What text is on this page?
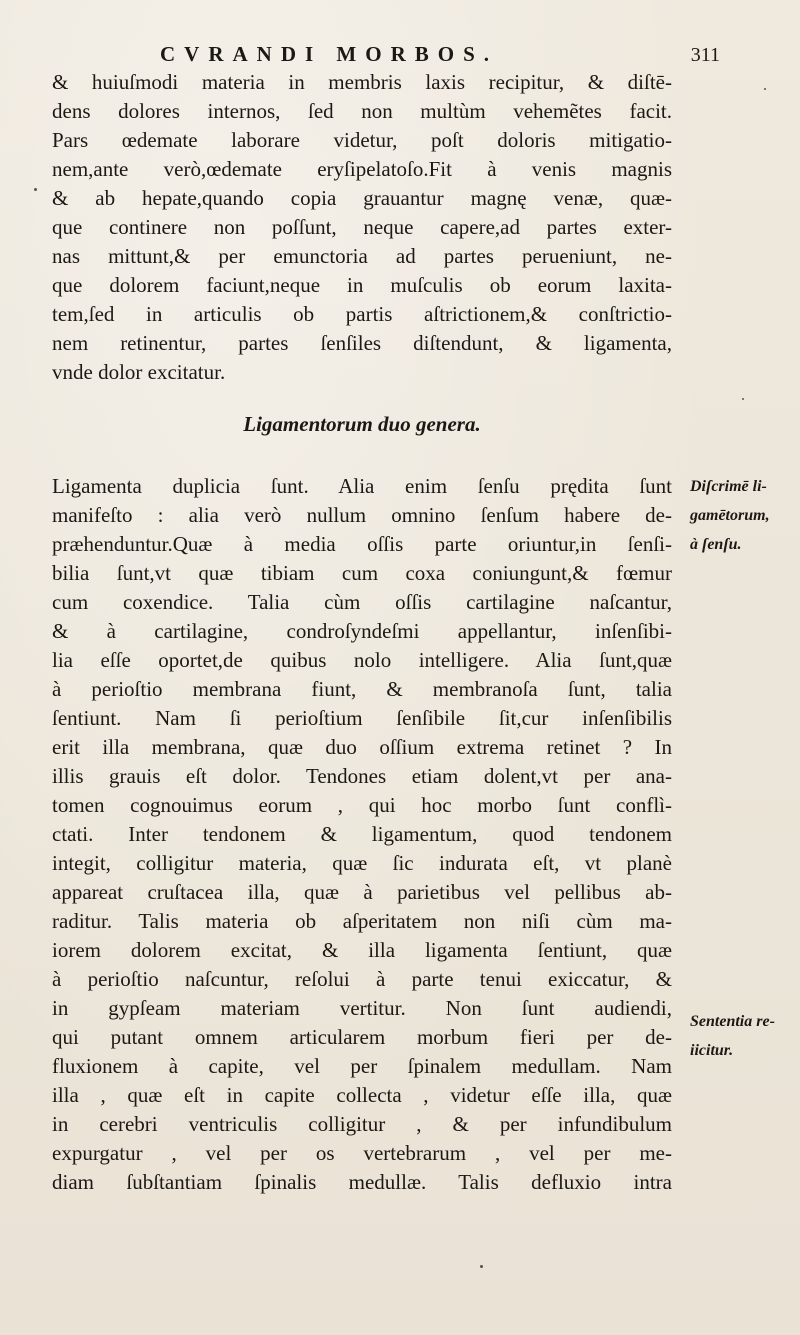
CVRANDI MORBOS.	311
& huiuſmodi materia in membris laxis recipitur, & diſtē-
dens dolores internos, ſed non multùm vehemẽtes facit.
Pars œdemate laborare videtur, poſt doloris mitigatio-
nem,ante verò,œdemate eryſipelatoſo.Fit à venis magnis
& ab hepate,quando copia grauantur magnę venæ, quæ-
que continere non poſſunt, neque capere,ad partes exter-
nas mittunt,& per emunctoria ad partes perueniunt, ne-
que dolorem faciunt,neque in muſculis ob eorum laxita-
tem,ſed in articulis ob partis aſtrictionem,& conſtrictio-
nem retinentur, partes ſenſiles diſtendunt, & ligamenta,
vnde dolor excitatur.
Ligamentorum duo genera.
Ligamenta duplicia ſunt. Alia enim ſenſu prędita ſunt
manifeſto : alia verò nullum omnino ſenſum habere de-
præhenduntur.Quæ à media oſſis parte oriuntur,in ſenſi-
bilia ſunt,vt quæ tibiam cum coxa coniungunt,& fœmur
cum coxendice. Talia cùm oſſis cartilagine naſcantur,
& à cartilagine, condroſyndeſmi appellantur, inſenſibi-
lia eſſe oportet,de quibus nolo intelligere. Alia ſunt,quæ
à perioſtio membrana fiunt, & membranoſa ſunt, talia
ſentiunt. Nam ſi perioſtium ſenſibile ſit,cur inſenſibilis
erit illa membrana, quæ duo oſſium extrema retinet ? In
illis grauis eſt dolor. Tendones etiam dolent,vt per ana-
tomen cognouimus eorum , qui hoc morbo ſunt conflì-
ctati. Inter tendonem & ligamentum, quod tendonem
integit, colligitur materia, quæ ſic indurata eſt, vt planè
appareat cruſtacea illa, quæ à parietibus vel pellibus ab-
raditur. Talis materia ob aſperitatem non niſi cùm ma-
iorem dolorem excitat, & illa ligamenta ſentiunt, quæ
à perioſtio naſcuntur, reſolui à parte tenui exiccatur, &
in gypſeam materiam vertitur. Non ſunt audiendi,
qui putant omnem articularem morbum fieri per de-
fluxionem à capite, vel per ſpinalem medullam. Nam
illa , quæ eſt in capite collecta , videtur eſſe illa, quæ
in cerebri ventriculis colligitur , & per infundibulum
expurgatur , vel per os vertebrarum , vel per me-
diam ſubſtantiam ſpinalis medullæ. Talis defluxio intra
Diſcrimē li-
gamētorum,
à ſenſu.
Sententia re-
iicitur.
